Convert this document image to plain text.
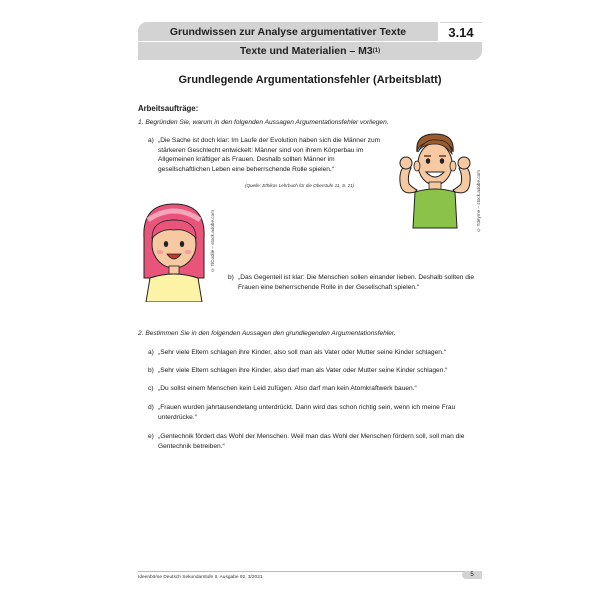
Grundwissen zur Analyse argumentativer Texte	3.14
Texte und Materialien – M3 (1)
Grundlegende Argumentationsfehler (Arbeitsblatt)
Arbeitsaufträge:
1. Begründen Sie, warum in den folgenden Aussagen Argumentationsfehler vorliegen.
a) „Die Sache ist doch klar: Im Laufe der Evolution haben sich die Männer zum stärkeren Geschlecht entwickelt: Männer sind von ihrem Körperbau im Allgemeinen kräftiger als Frauen. Deshalb sollten Männer im gesellschaftlichen Leben eine beherrschende Rolle spielen.“
(Quelle: Ethikos Lehrbuch für die Oberstufe 11, S. 21)	© Tdeyme – stock.adobe.com
© TiCodile – stock.adobe.com
b) „Das Gegenteil ist klar: Die Menschen sollen einander lieben. Deshalb sollten die Frauen eine beherrschende Rolle in der Gesellschaft spielen.“
2. Bestimmen Sie in den folgenden Aussagen den grundlegenden Argumentationsfehler.
a) „Sehr viele Eltern schlagen ihre Kinder, also soll man als Vater oder Mutter seine Kinder schlagen.“
b) „Sehr viele Eltern schlagen ihre Kinder, also darf man als Vater oder Mutter seine Kinder schlagen.“
c) „Du sollst einem Menschen kein Leid zufügen. Also darf man kein Atomkraftwerk bauen.“
d) „Frauen wurden jahrtausendelang unterdrückt. Dann wird das schon richtig sein, wenn ich meine Frau unterdrücke.“
e) „Gentechnik fördert das Wohl der Menschen. Weil man das Wohl der Menschen fördern soll, soll man die Gentechnik betreiben.“
Ideenbörse Deutsch Sekundarstufe II, Ausgabe 92, 3/2021	5
